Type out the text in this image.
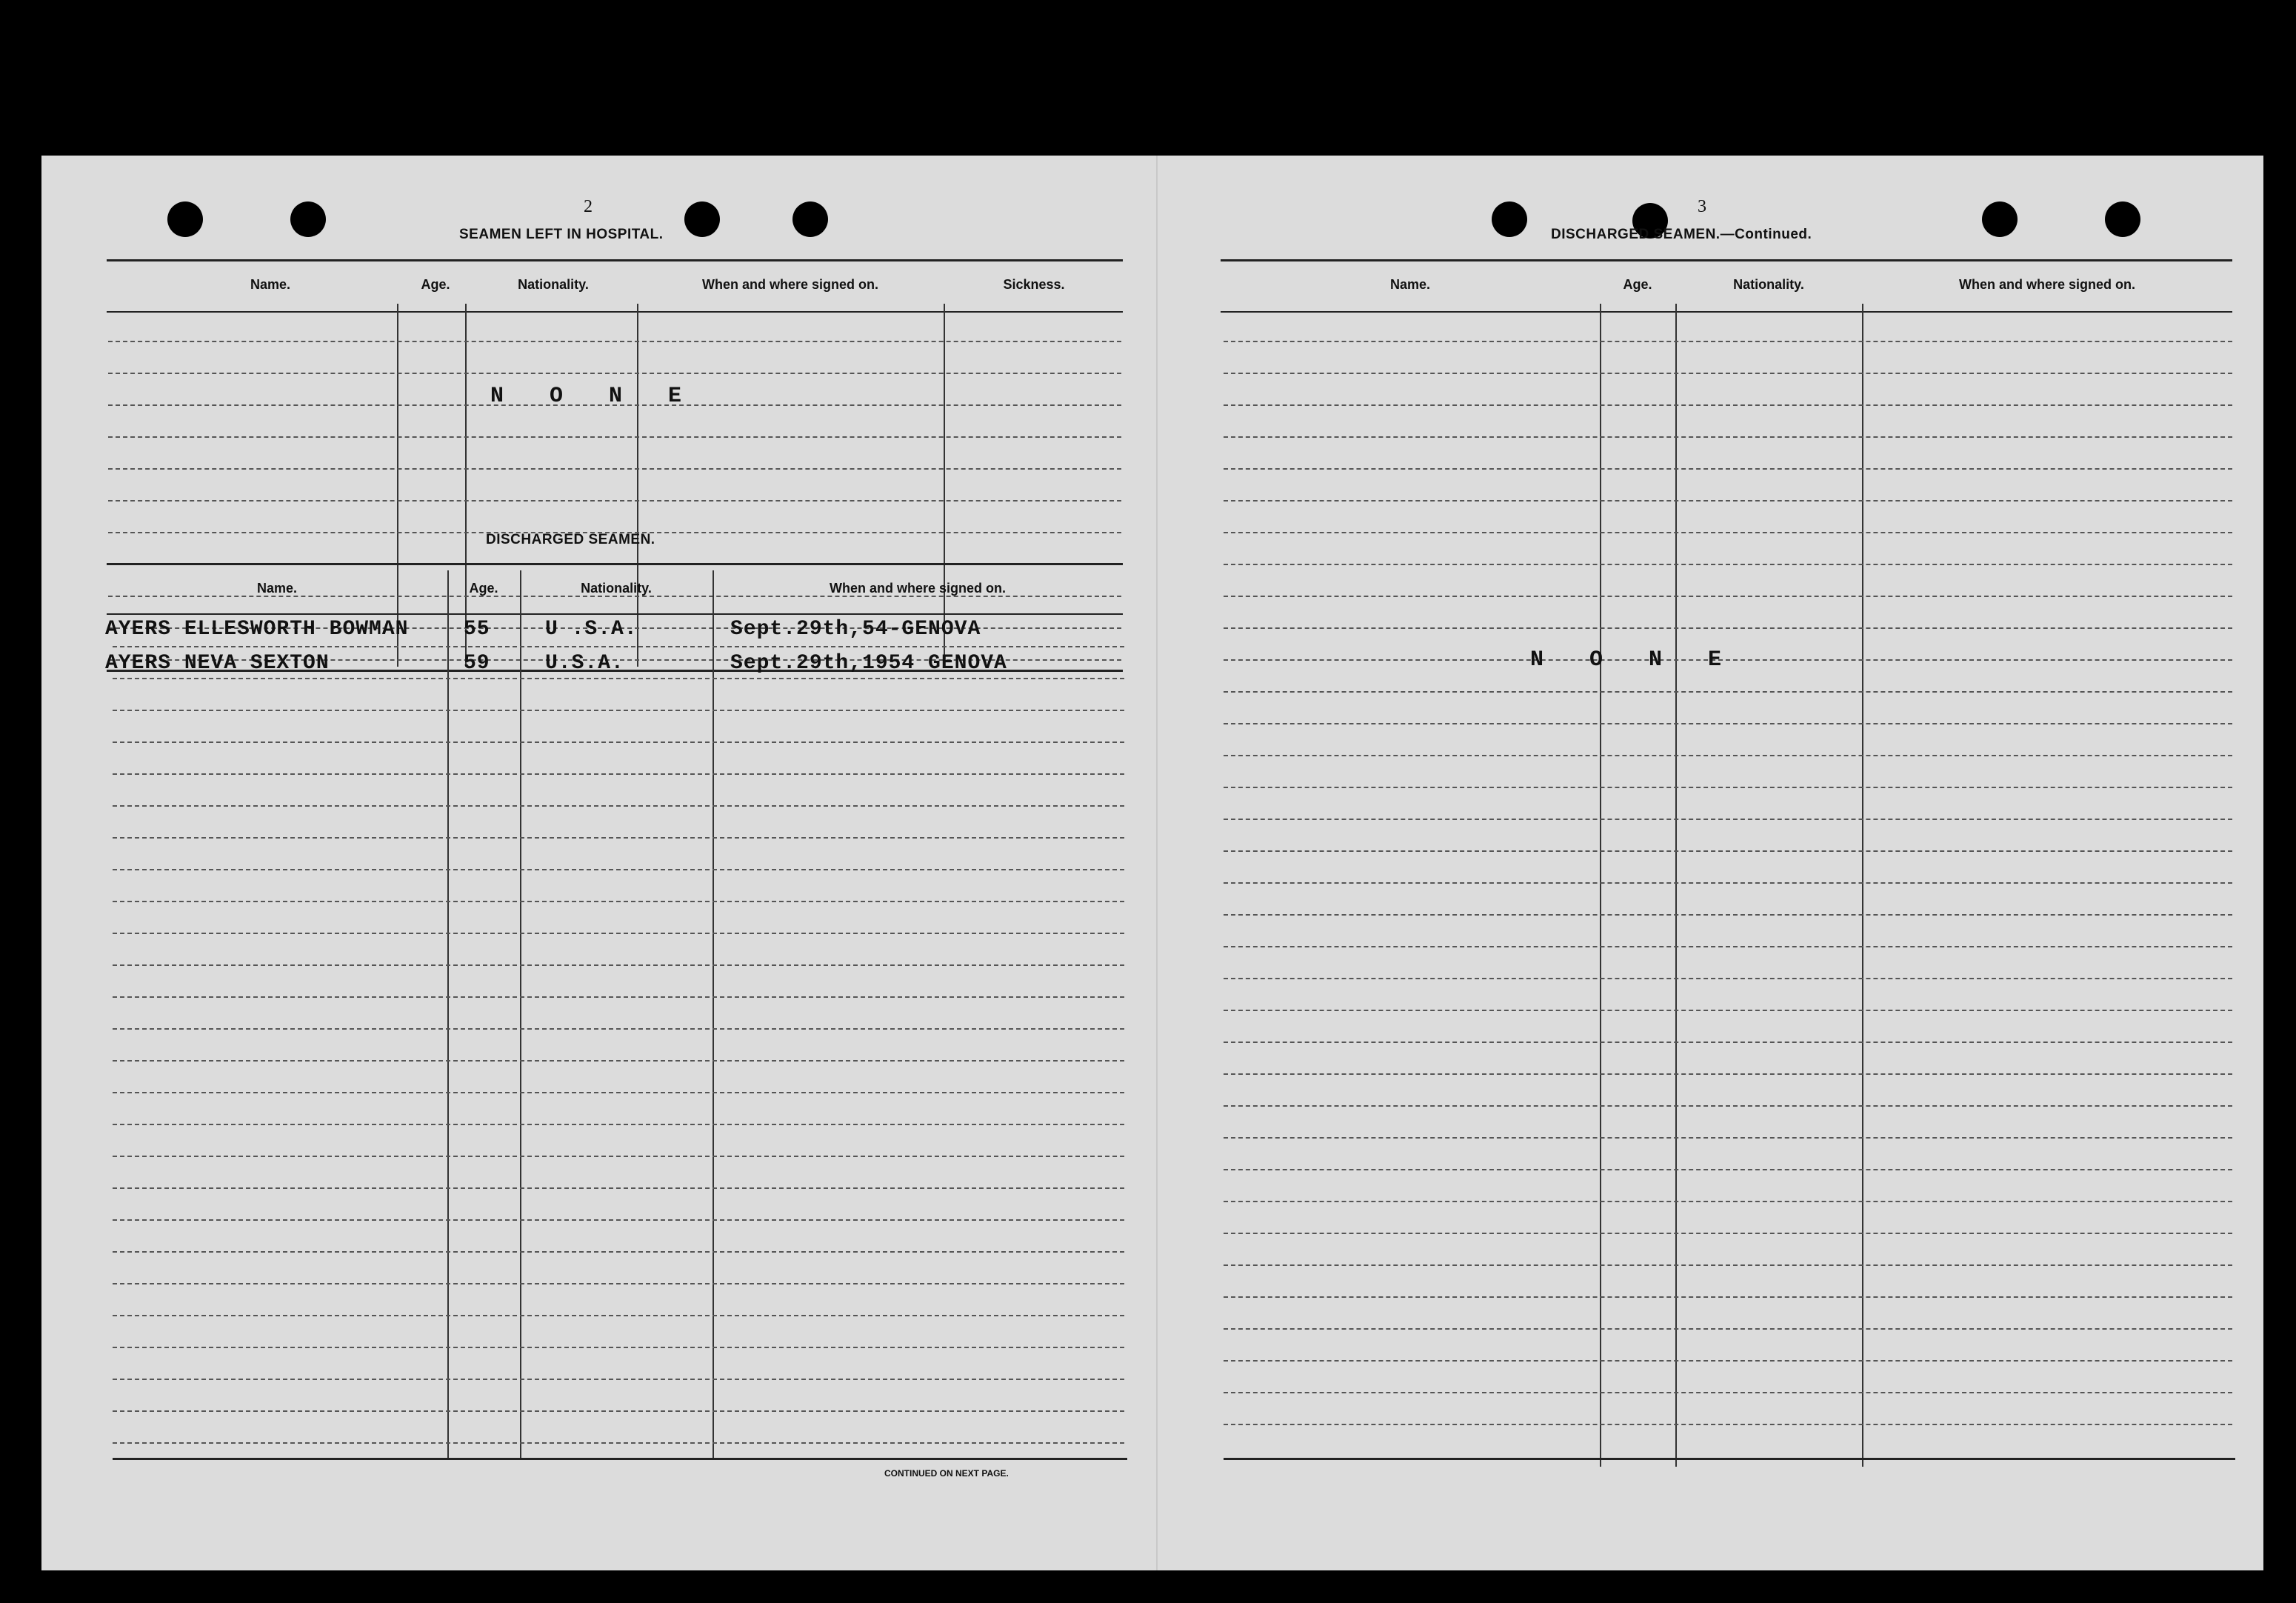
2
SEAMEN LEFT IN HOSPITAL.
Name.	Age.	Nationality.	When and where signed on.	Sickness.
N O N E
DISCHARGED SEAMEN.
Name.	Age.	Nationality.	When and where signed on.
AYERS ELLESWORTH BOWMAN	55	U .S.A.	Sept.29th,54-GENOVA
AYERS NEVA SEXTON	59	U.S.A.	Sept.29th,1954 GENOVA
CONTINUED ON NEXT PAGE.
3
DISCHARGED SEAMEN.—Continued.
Name.	Age.	Nationality.	When and where signed on.
N O N E
